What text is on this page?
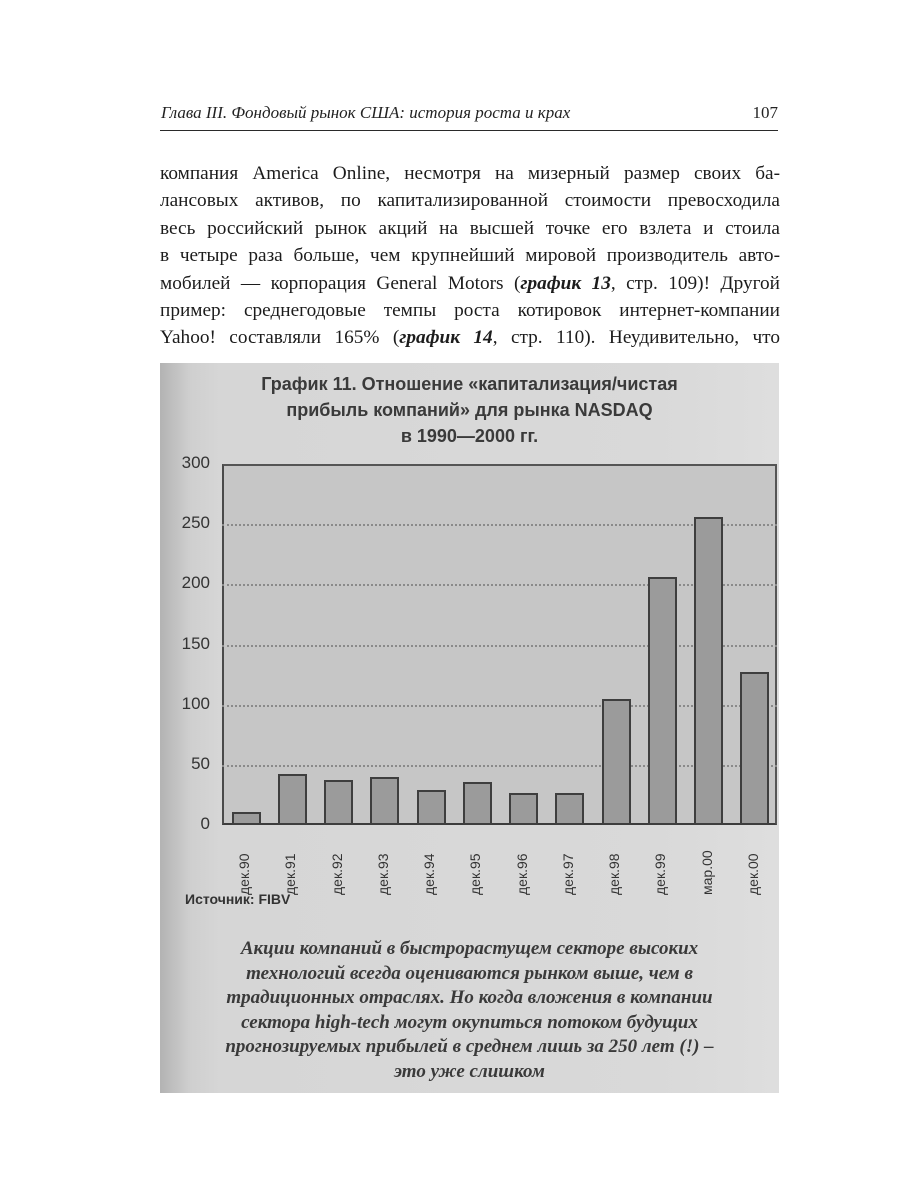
Глава III. Фондовый рынок США: история роста и крах	107
компания America Online, несмотря на мизерный размер своих ба-
лансовых активов, по капитализированной стоимости превосходила
весь российский рынок акций на высшей точке его взлета и стоила
в четыре раза больше, чем крупнейший мировой производитель авто-
мобилей — корпорация General Motors (график 13, стр. 109)! Другой
пример: среднегодовые темпы роста котировок интернет-компании
Yahoo! составляли 165% (график 14, стр. 110). Неудивительно, что
График 11. Отношение «капитализация/чистая
прибыль компаний» для рынка NASDAQ
в 1990—2000 гг.
0
50
100
150
200
250
300
дек.90 дек.91 дек.92 дек.93 дек.94 дек.95 дек.96 дек.97 дек.98 дек.99 мар.00 дек.00
Источник: FIBV
Акции компаний в быстрорастущем секторе высоких
технологий всегда оцениваются рынком выше, чем в
традиционных отраслях. Но когда вложения в компании
сектора high-tech могут окупиться потоком будущих
прогнозируемых прибылей в среднем лишь за 250 лет (!) –
это уже слишком
